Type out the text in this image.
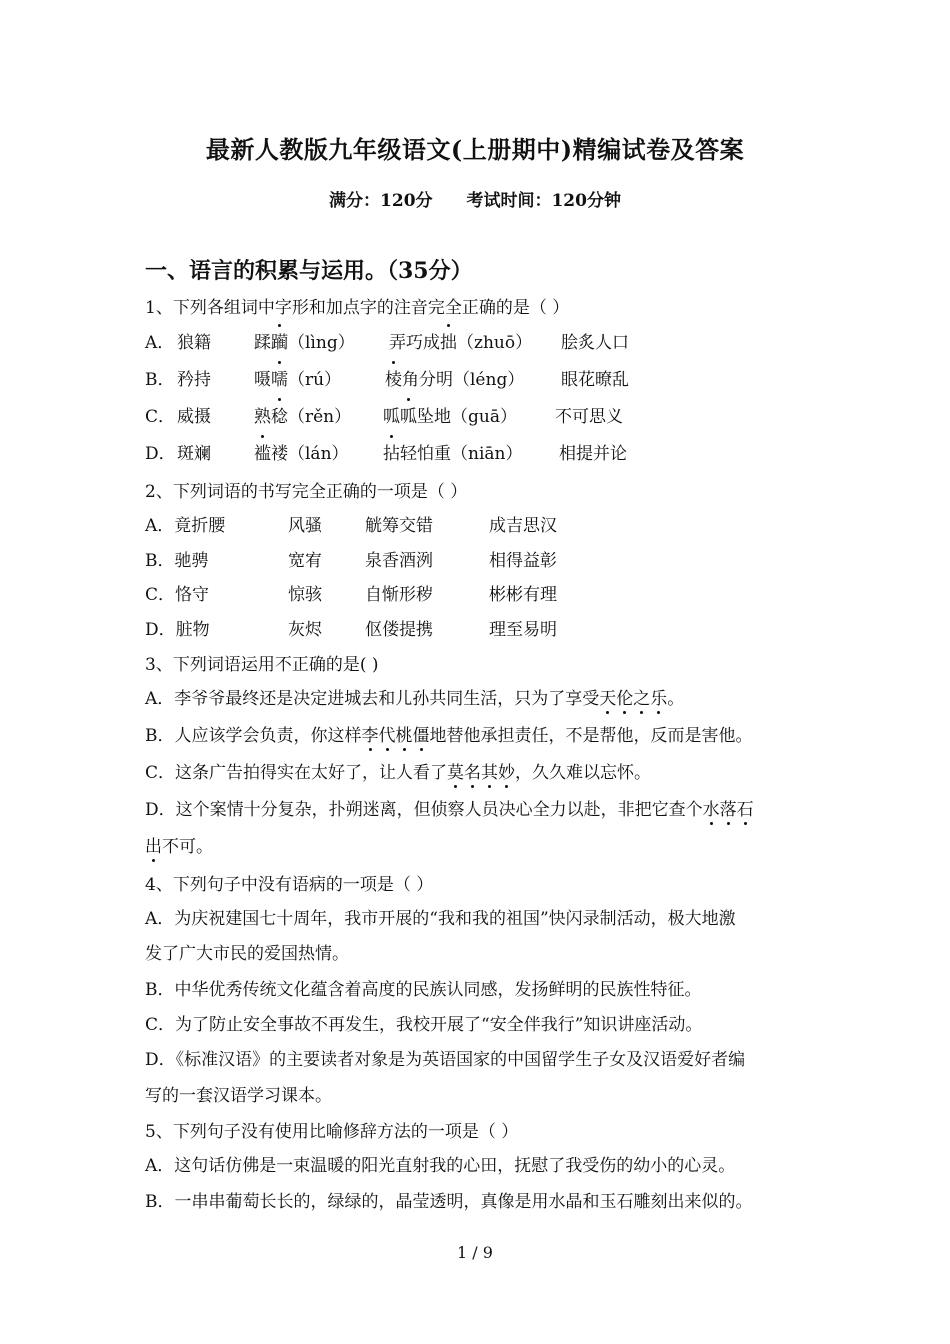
最新人教版九年级语文(上册期中)精编试卷及答案
满分：120分 考试时间：120分钟
一、语言的积累与运用。（35分）
1、下列各组词中字形和加点字的注音完全正确的是（ ）
A． 狼籍	蹂躏（lìng） 弄巧成拙（zhuō） 脍炙人口
B． 矜持	嗫嚅（rú）	棱角分明（léng） 眼花暸乱
C． 威摄	熟稔（rěn） 呱呱坠地（guā） 不可思义
D． 斑斓	褴褛（lán） 拈轻怕重（niān） 相提并论
2、下列词语的书写完全正确的一项是（ ）
A．竟折腰	风骚	觥筹交错	成吉思汉
B．驰骋	宽宥	泉香酒洌	相得益彰
C．恪守	惊骇	自惭形秽	彬彬有理
D．脏物	灰烬	伛偻提携	理至易明
3、下列词语运用不正确的是( )
A．李爷爷最终还是决定进城去和儿孙共同生活，只为了享受天伦之乐。
B．人应该学会负责，你这样李代桃僵地替他承担责任，不是帮他，反而是害他。
C．这条广告拍得实在太好了，让人看了莫名其妙，久久难以忘怀。
D．这个案情十分复杂，扑朔迷离，但侦察人员决心全力以赴，非把它查个水落石
出不可。
4、下列句子中没有语病的一项是（ ）
A．为庆祝建国七十周年，我市开展的“我和我的祖国”快闪录制活动，极大地激
发了广大市民的爱国热情。
B．中华优秀传统文化蕴含着高度的民族认同感，发扬鲜明的民族性特征。
C．为了防止安全事故不再发生，我校开展了“安全伴我行”知识讲座活动。
D．《标准汉语》的主要读者对象是为英语国家的中国留学生子女及汉语爱好者编
写的一套汉语学习课本。
5、下列句子没有使用比喻修辞方法的一项是（ ）
A．这句话仿佛是一束温暖的阳光直射我的心田，抚慰了我受伤的幼小的心灵。
B．一串串葡萄长长的，绿绿的，晶莹透明，真像是用水晶和玉石雕刻出来似的。
1 / 9
